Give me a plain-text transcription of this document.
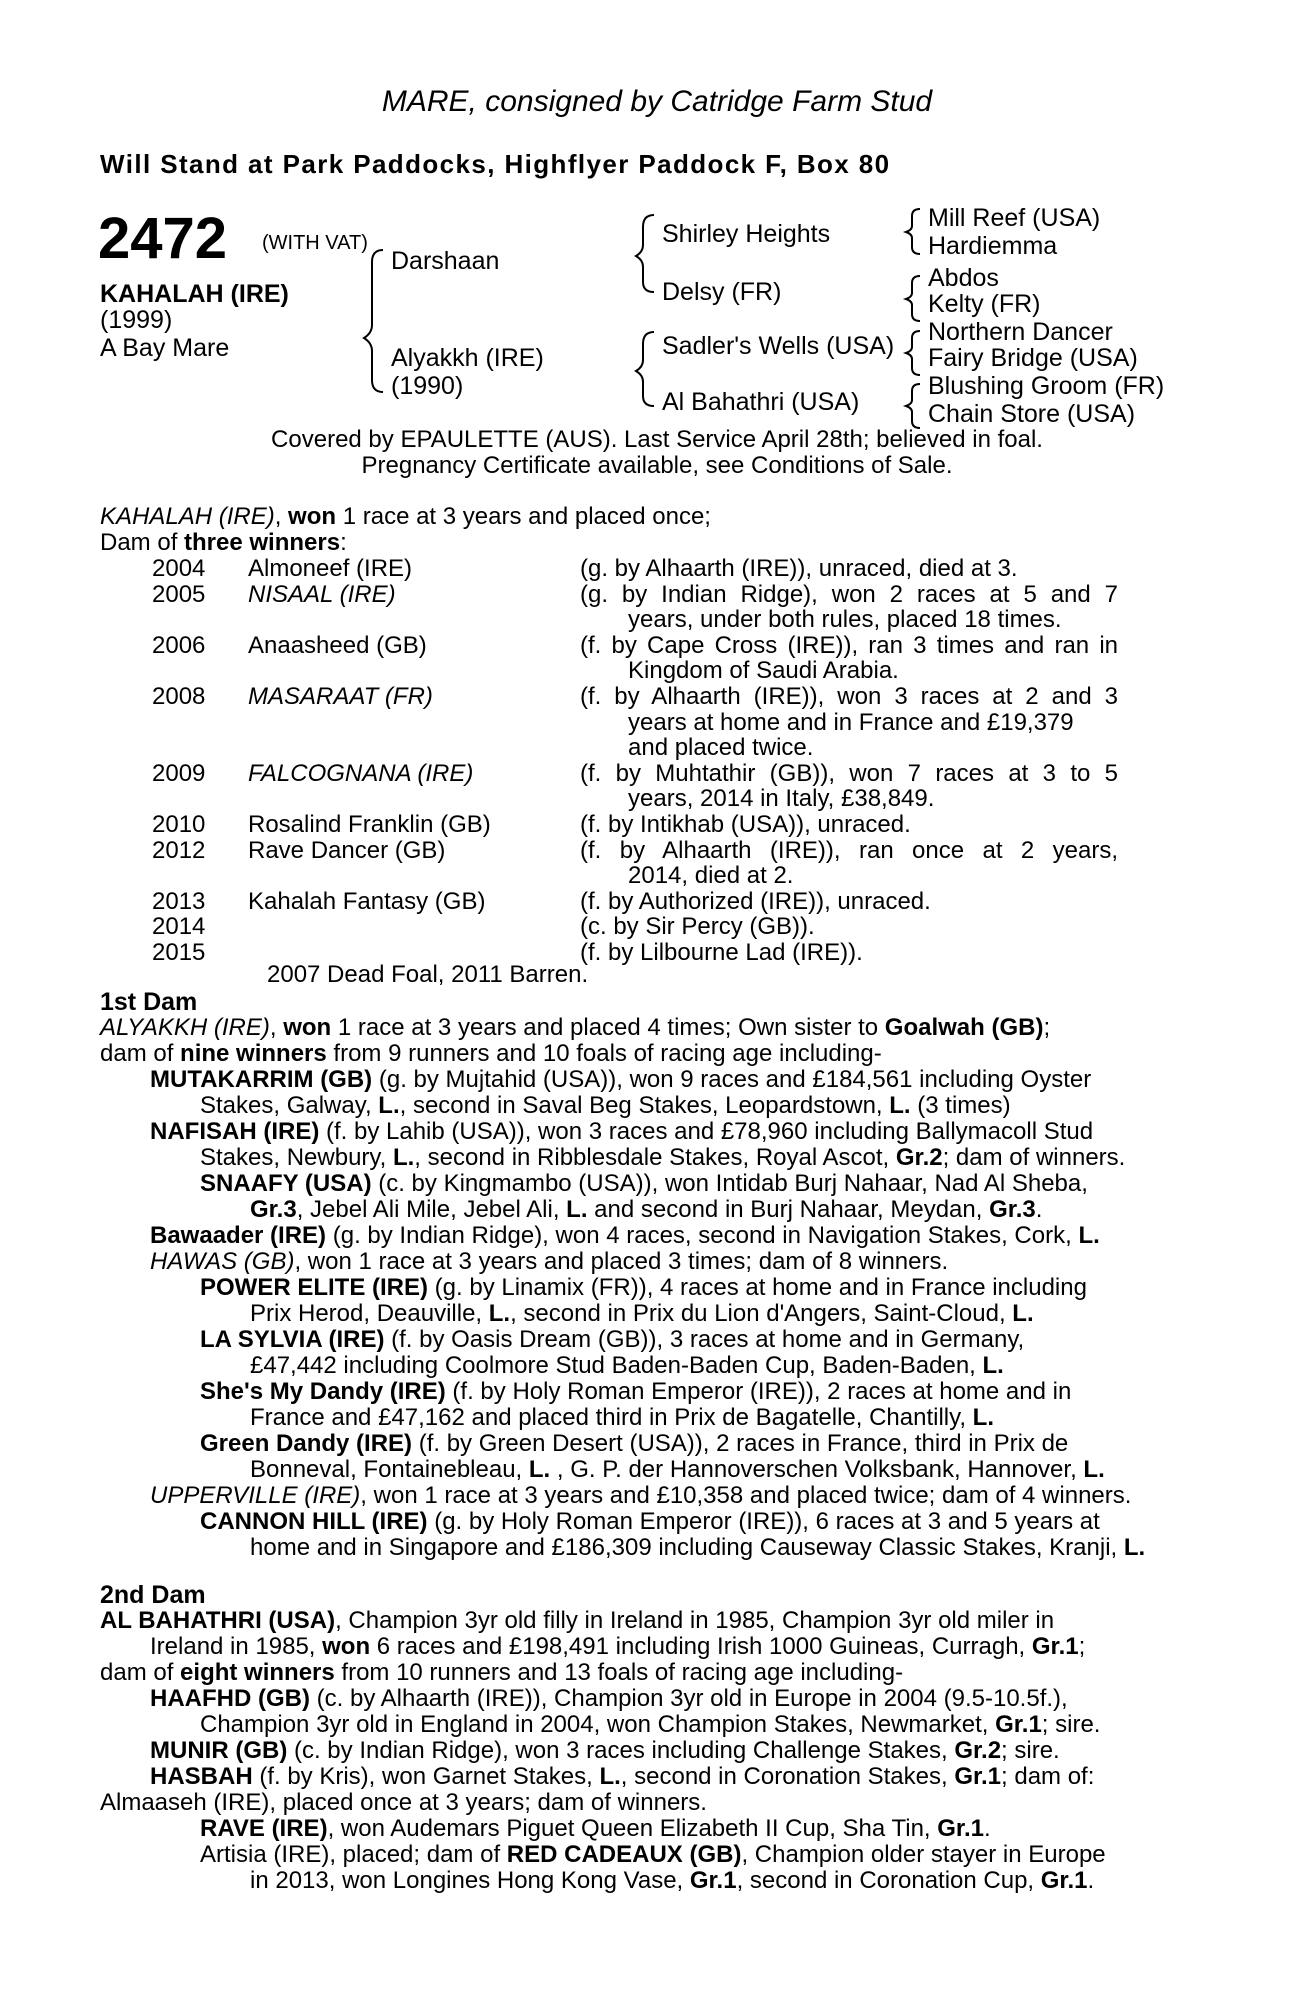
MARE, consigned by Catridge Farm Stud
Will Stand at Park Paddocks, Highflyer Paddock F, Box 80
2472 (WITH VAT)
KAHALAH (IRE)
(1999)
A Bay Mare
Darshaan
Alyakkh (IRE)
(1990)
Shirley Heights
Delsy (FR)
Sadler's Wells (USA)
Al Bahathri (USA)
Mill Reef (USA)
Hardiemma
Abdos
Kelty (FR)
Northern Dancer
Fairy Bridge (USA)
Blushing Groom (FR)
Chain Store (USA)
Covered by EPAULETTE (AUS). Last Service April 28th; believed in foal.
Pregnancy Certificate available, see Conditions of Sale.
KAHALAH (IRE), won 1 race at 3 years and placed once;
Dam of three winners:
2004 Almoneef (IRE)	(g. by Alhaarth (IRE)), unraced, died at 3.
2005 NISAAL (IRE)	(g. by Indian Ridge), won 2 races at 5 and 7
years, under both rules, placed 18 times.
2006 Anaasheed (GB)	(f. by Cape Cross (IRE)), ran 3 times and ran in
Kingdom of Saudi Arabia.
2008 MASARAAT (FR)	(f. by Alhaarth (IRE)), won 3 races at 2 and 3
years at home and in France and £19,379
and placed twice.
2009 FALCOGNANA (IRE)	(f. by Muhtathir (GB)), won 7 races at 3 to 5
years, 2014 in Italy, £38,849.
2010 Rosalind Franklin (GB)	(f. by Intikhab (USA)), unraced.
2012 Rave Dancer (GB)	(f. by Alhaarth (IRE)), ran once at 2 years,
2014, died at 2.
2013 Kahalah Fantasy (GB)	(f. by Authorized (IRE)), unraced.
2014	(c. by Sir Percy (GB)).
2015	(f. by Lilbourne Lad (IRE)).
2007 Dead Foal, 2011 Barren.
1st Dam
ALYAKKH (IRE), won 1 race at 3 years and placed 4 times; Own sister to Goalwah (GB);
dam of nine winners from 9 runners and 10 foals of racing age including-
MUTAKARRIM (GB) (g. by Mujtahid (USA)), won 9 races and £184,561 including Oyster
Stakes, Galway, L., second in Saval Beg Stakes, Leopardstown, L. (3 times)
NAFISAH (IRE) (f. by Lahib (USA)), won 3 races and £78,960 including Ballymacoll Stud
Stakes, Newbury, L., second in Ribblesdale Stakes, Royal Ascot, Gr.2; dam of winners.
SNAAFY (USA) (c. by Kingmambo (USA)), won Intidab Burj Nahaar, Nad Al Sheba,
Gr.3, Jebel Ali Mile, Jebel Ali, L. and second in Burj Nahaar, Meydan, Gr.3.
Bawaader (IRE) (g. by Indian Ridge), won 4 races, second in Navigation Stakes, Cork, L.
HAWAS (GB), won 1 race at 3 years and placed 3 times; dam of 8 winners.
POWER ELITE (IRE) (g. by Linamix (FR)), 4 races at home and in France including
Prix Herod, Deauville, L., second in Prix du Lion d'Angers, Saint-Cloud, L.
LA SYLVIA (IRE) (f. by Oasis Dream (GB)), 3 races at home and in Germany,
£47,442 including Coolmore Stud Baden-Baden Cup, Baden-Baden, L.
She's My Dandy (IRE) (f. by Holy Roman Emperor (IRE)), 2 races at home and in
France and £47,162 and placed third in Prix de Bagatelle, Chantilly, L.
Green Dandy (IRE) (f. by Green Desert (USA)), 2 races in France, third in Prix de
Bonneval, Fontainebleau, L. , G. P. der Hannoverschen Volksbank, Hannover, L.
UPPERVILLE (IRE), won 1 race at 3 years and £10,358 and placed twice; dam of 4 winners.
CANNON HILL (IRE) (g. by Holy Roman Emperor (IRE)), 6 races at 3 and 5 years at
home and in Singapore and £186,309 including Causeway Classic Stakes, Kranji, L.
2nd Dam
AL BAHATHRI (USA), Champion 3yr old filly in Ireland in 1985, Champion 3yr old miler in
Ireland in 1985, won 6 races and £198,491 including Irish 1000 Guineas, Curragh, Gr.1;
dam of eight winners from 10 runners and 13 foals of racing age including-
HAAFHD (GB) (c. by Alhaarth (IRE)), Champion 3yr old in Europe in 2004 (9.5-10.5f.),
Champion 3yr old in England in 2004, won Champion Stakes, Newmarket, Gr.1; sire.
MUNIR (GB) (c. by Indian Ridge), won 3 races including Challenge Stakes, Gr.2; sire.
HASBAH (f. by Kris), won Garnet Stakes, L., second in Coronation Stakes, Gr.1; dam of:
Almaaseh (IRE), placed once at 3 years; dam of winners.
RAVE (IRE), won Audemars Piguet Queen Elizabeth II Cup, Sha Tin, Gr.1.
Artisia (IRE), placed; dam of RED CADEAUX (GB), Champion older stayer in Europe
in 2013, won Longines Hong Kong Vase, Gr.1, second in Coronation Cup, Gr.1.
